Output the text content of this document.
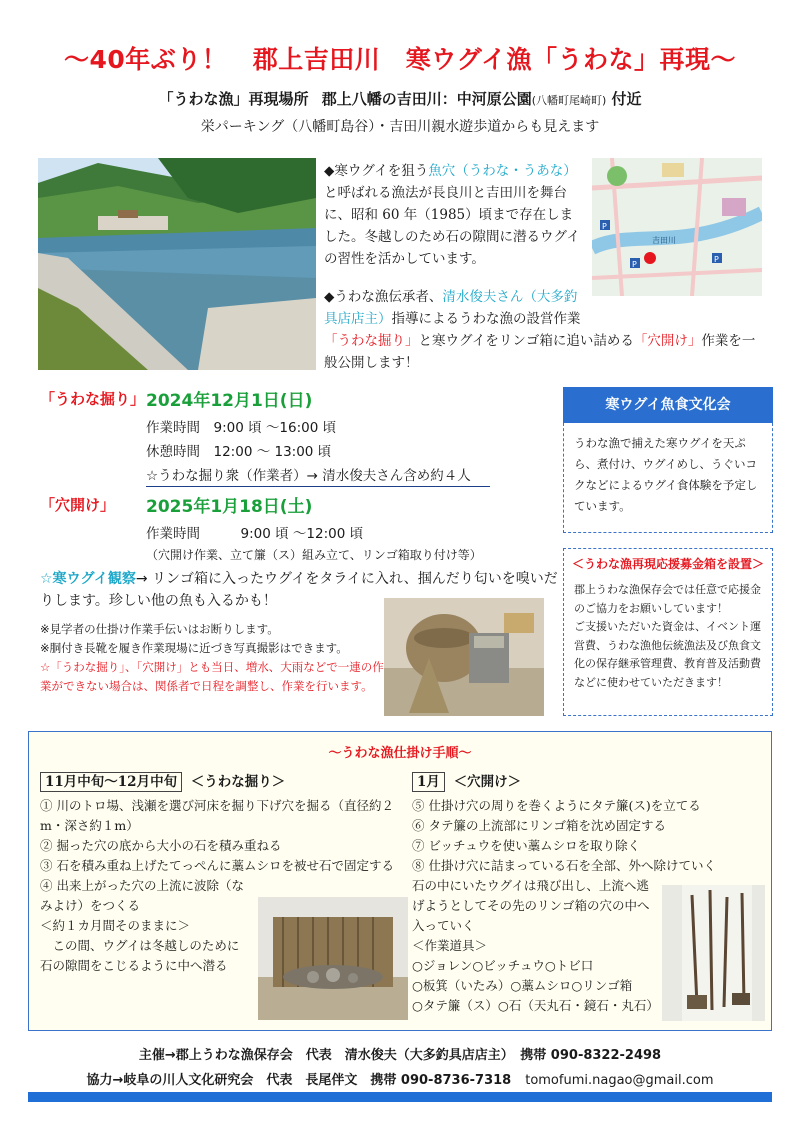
～40年ぶり！　郡上吉田川　寒ウグイ漁「うわな」再現～
「うわな漁」再現場所 郡上八幡の吉田川：中河原公園(八幡町尾崎町) 付近
栄パーキング（八幡町島谷）・吉田川親水遊歩道からも見えます
吉田川
P
P
P
◆寒ウグイを狙う魚穴（うわな・うあな）と呼ばれる漁法が長良川と吉田川を舞台に、昭和 60 年（1985）頃まで存在しました。冬越しのため石の隙間に潜るウグイの習性を活かしています。
◆うわな漁伝承者、清水俊夫さん（大多釣具店店主）指導によるうわな漁の設営作業
「うわな掘り」と寒ウグイをリンゴ箱に追い詰める「穴開け」作業を一般公開します！
「うわな掘り」 2024年12月1日(日)
作業時間　9:00 頃 ～16:00 頃
休憩時間　12:00 ～ 13:00 頃
☆うわな掘り衆（作業者）→ 清水俊夫さん含め約４人
「穴開け」 2025年1月18日(土)
作業時間　　　9:00 頃 ～12:00 頃
（穴開け作業、立て簾（ス）組み立て、リンゴ箱取り付け等）
☆寒ウグイ観察→ リンゴ箱に入ったウグイをタライに入れ、掴んだり匂いを嗅いだりします。珍しい他の魚も入るかも！
※見学者の仕掛け作業手伝いはお断りします。
※胴付き長靴を履き作業現場に近づき写真撮影はできます。
☆「うわな掘り」、「穴開け」とも当日、増水、大雨などで一連の作業ができない場合は、関係者で日程を調整し、作業を行います。
寒ウグイ魚食文化会
うわな漁で捕えた寒ウグイを天ぷら、煮付け、ウグイめし、うぐいコクなどによるウグイ食体験を予定しています。
郡上うわな漁保存会では任意で応援金のご協力をお願いしています！
ご支援いただいた資金は、イベント運営費、うわな漁他伝統漁法及び魚食文化の保存継承管理費、教育普及活動費などに使わせていただきます！
＜うわな漁再現応援募金箱を設置＞
～うわな漁仕掛け手順～
11月中旬～12月中旬 ＜うわな掘り＞	1月 ＜穴開け＞
① 川のトロ場、浅瀬を選び河床を掘り下げ穴を掘る（直径約２m・深さ約１m）
② 掘った穴の底から大小の石を積み重ねる
③ 石を積み重ね上げたてっぺんに藁ムシロを被せ石で固定する
④ 出来上がった穴の上流に波除（なみよけ）をつくる
＜約１カ月間そのままに＞
この間、ウグイは冬越しのために石の隙間をこじるように中へ潜る
⑤ 仕掛け穴の周りを巻くようにタテ簾(ス)を立てる
⑥ タテ簾の上流部にリンゴ箱を沈め固定する
⑦ ビッチュウを使い藁ムシロを取り除く
⑧ 仕掛け穴に詰まっている石を全部、外へ除けていく
石の中にいたウグイは飛び出し、上流へ逃げようとしてその先のリンゴ箱の穴の中へ入っていく
＜作業道具＞
○ジョレン○ビッチュウ○トビ口
○板箕（いたみ）○藁ムシロ○リンゴ箱
○タテ簾（ス）○石（天丸石・鏡石・丸石）
主催→郡上うわな漁保存会　代表　清水俊夫（大多釣具店店主）　携帯 090-8322-2498
協力→岐阜の川人文化研究会　代表　長尾伴文　携帯 090-8736-7318 tomofumi.nagao@gmail.com
